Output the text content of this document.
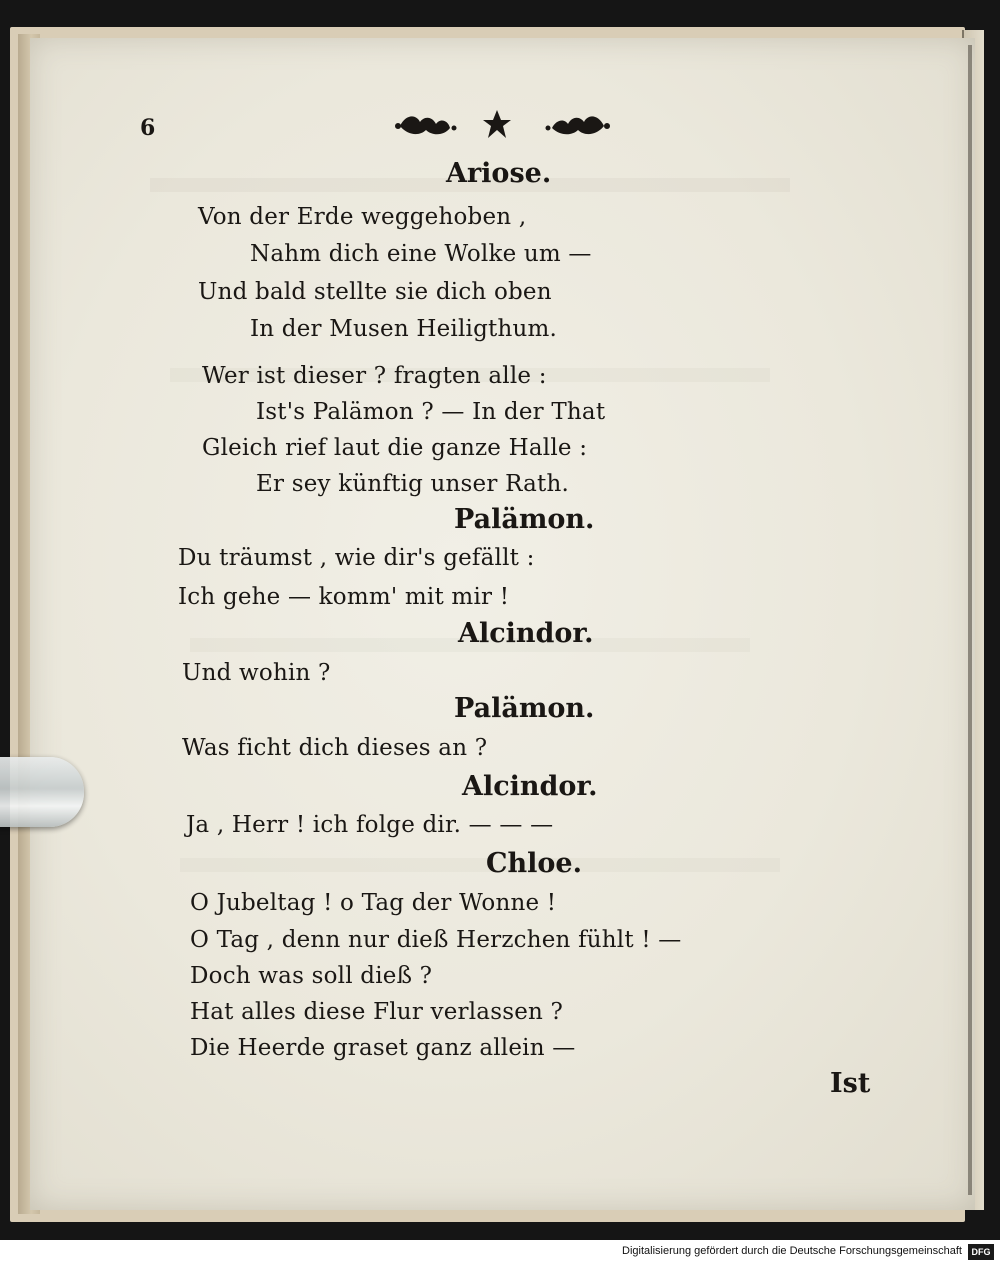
6
Ariose.
Von der Erde weggehoben ,
Nahm dich eine Wolke um —
Und bald stellte sie dich oben
In der Musen Heiligthum.
Wer ist dieser ? fragten alle :
Ist's Palämon ? — In der That
Gleich rief laut die ganze Halle :
Er sey künftig unser Rath.
Palämon.
Du träumst , wie dir's gefällt :
Ich gehe — komm' mit mir !
Alcindor.
Und wohin ?
Palämon.
Was ficht dich dieses an ?
Alcindor.
Ja , Herr ! ich folge dir. — — —
Chloe.
O Jubeltag ! o Tag der Wonne !
O Tag , denn nur dieß Herzchen fühlt ! —
Doch was soll dieß ?
Hat alles diese Flur verlassen ?
Die Heerde graset ganz allein —
Ist
Digitalisierung gefördert durch die Deutsche Forschungsgemeinschaft	DFG
